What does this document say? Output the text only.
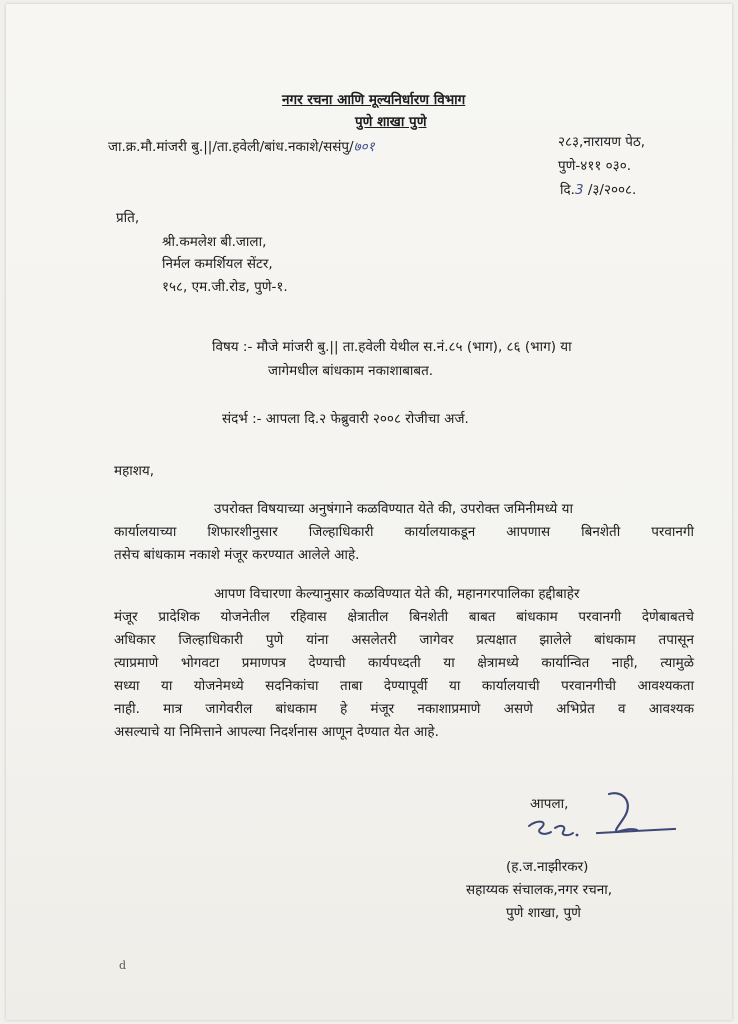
नगर रचना आणि मूल्यनिर्धारण विभाग
पुणे शाखा पुणे
जा.क्र.मौ.मांजरी बु.||/ता.हवेली/बांध.नकाशे/ससंपु/७०१	२८३,नारायण पेठ,
पुणे-४११ ०३०.
दि.3 /३/२००८.
प्रति,
श्री.कमलेश बी.जाला,
निर्मल कमर्शियल सेंटर,
१५८, एम.जी.रोड, पुणे-१.
विषय :- मौजे मांजरी बु.|| ता.हवेली येथील स.नं.८५ (भाग), ८६ (भाग) या
जागेमधील बांधकाम नकाशाबाबत.
संदर्भ :- आपला दि.२ फेब्रुवारी २००८ रोजीचा अर्ज.
महाशय,
उपरोक्त विषयाच्या अनुषंगाने कळविण्यात येते की, उपरोक्त जमिनीमध्ये या
कार्यालयाच्या शिफारशीनुसार जिल्हाधिकारी कार्यालयाकडून आपणास बिनशेती परवानगी
तसेच बांधकाम नकाशे मंजूर करण्यात आलेले आहे.
आपण विचारणा केल्यानुसार कळविण्यात येते की, महानगरपालिका हद्दीबाहेर
मंजूर प्रादेशिक योजनेतील रहिवास क्षेत्रातील बिनशेती बाबत बांधकाम परवानगी देणेबाबतचे
अधिकार जिल्हाधिकारी पुणे यांना असलेतरी जागेवर प्रत्यक्षात झालेले बांधकाम तपासून
त्याप्रमाणे भोगवटा प्रमाणपत्र देण्याची कार्यपध्दती या क्षेत्रामध्ये कार्यान्वित नाही, त्यामुळे
सध्या या योजनेमध्ये सदनिकांचा ताबा देण्यापूर्वी या कार्यालयाची परवानगीची आवश्यकता
नाही. मात्र जागेवरील बांधकाम हे मंजूर नकाशाप्रमाणे असणे अभिप्रेत व आवश्यक
असल्याचे या निमित्ताने आपल्या निदर्शनास आणून देण्यात येत आहे.
आपला,
(ह.ज.नाझीरकर)
सहाय्यक संचालक,नगर रचना,
पुणे शाखा, पुणे
d
